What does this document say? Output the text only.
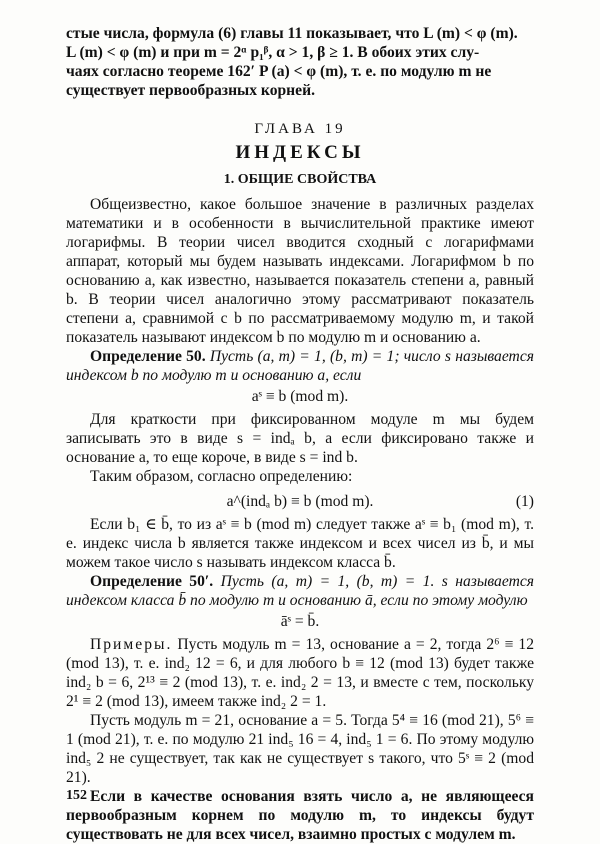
стые числа, формула (6) главы 11 показывает, что L (m) < φ (m).

L (m) < φ (m) и при m = 2ᵅ p₁ᵝ, α > 1, β ≥ 1. В обоих этих слу-

чаях согласно теореме 162′ P (a) < φ (m), т. е. по модулю m не

существует первообразных корней.

ГЛАВА 19

ИНДЕКСЫ

1. ОБЩИЕ СВОЙСТВА

Общеизвестно, какое большое значение в различных разделах математики и в особенности в вычислительной практике имеют логарифмы. В теории чисел вводится сходный с логарифмами аппарат, который мы будем называть индексами. Логарифмом b по основанию a, как известно, называется показатель степени a, равный b. В теории чисел аналогично этому рассматривают показатель степени a, сравнимой с b по рассматриваемому модулю m, и такой показатель называют индексом b по модулю m и основанию a.

Определение 50. Пусть (a, m) = 1, (b, m) = 1; число s называется индексом b по модулю m и основанию a, если

aˢ ≡ b (mod m).

Для краткости при фиксированном модуле m мы будем записывать это в виде s = indₐ b, а если фиксировано также и основание a, то еще короче, в виде s = ind b.

Таким образом, согласно определению:

a^(indₐ b) ≡ b (mod m).	(1)

Если b₁ ∈ b̄, то из aˢ ≡ b (mod m) следует также aˢ ≡ b₁ (mod m), т. е. индекс числа b является также индексом и всех чисел из b̄, и мы можем такое число s называть индексом класса b̄.

Определение 50′. Пусть (a, m) = 1, (b, m) = 1. s называется индексом класса b̄ по модулю m и основанию ā, если по этому модулю

āˢ = b̄.

Примеры. Пусть модуль m = 13, основание a = 2, тогда 2⁶ ≡ 12 (mod 13), т. е. ind₂ 12 = 6, и для любого b ≡ 12 (mod 13) будет также ind₂ b = 6, 2¹³ ≡ 2 (mod 13), т. е. ind₂ 2 = 13, и вместе с тем, поскольку 2¹ ≡ 2 (mod 13), имеем также ind₂ 2 = 1.

Пусть модуль m = 21, основание a = 5. Тогда 5⁴ ≡ 16 (mod 21), 5⁶ ≡ 1 (mod 21), т. е. по модулю 21 ind₅ 16 = 4, ind₅ 1 = 6. По этому модулю ind₅ 2 не существует, так как не существует s такого, что 5ˢ ≡ 2 (mod 21).

Если в качестве основания взять число a, не являющееся первообразным корнем по модулю m, то индексы будут существовать не для всех чисел, взаимно простых с модулем m.

152
